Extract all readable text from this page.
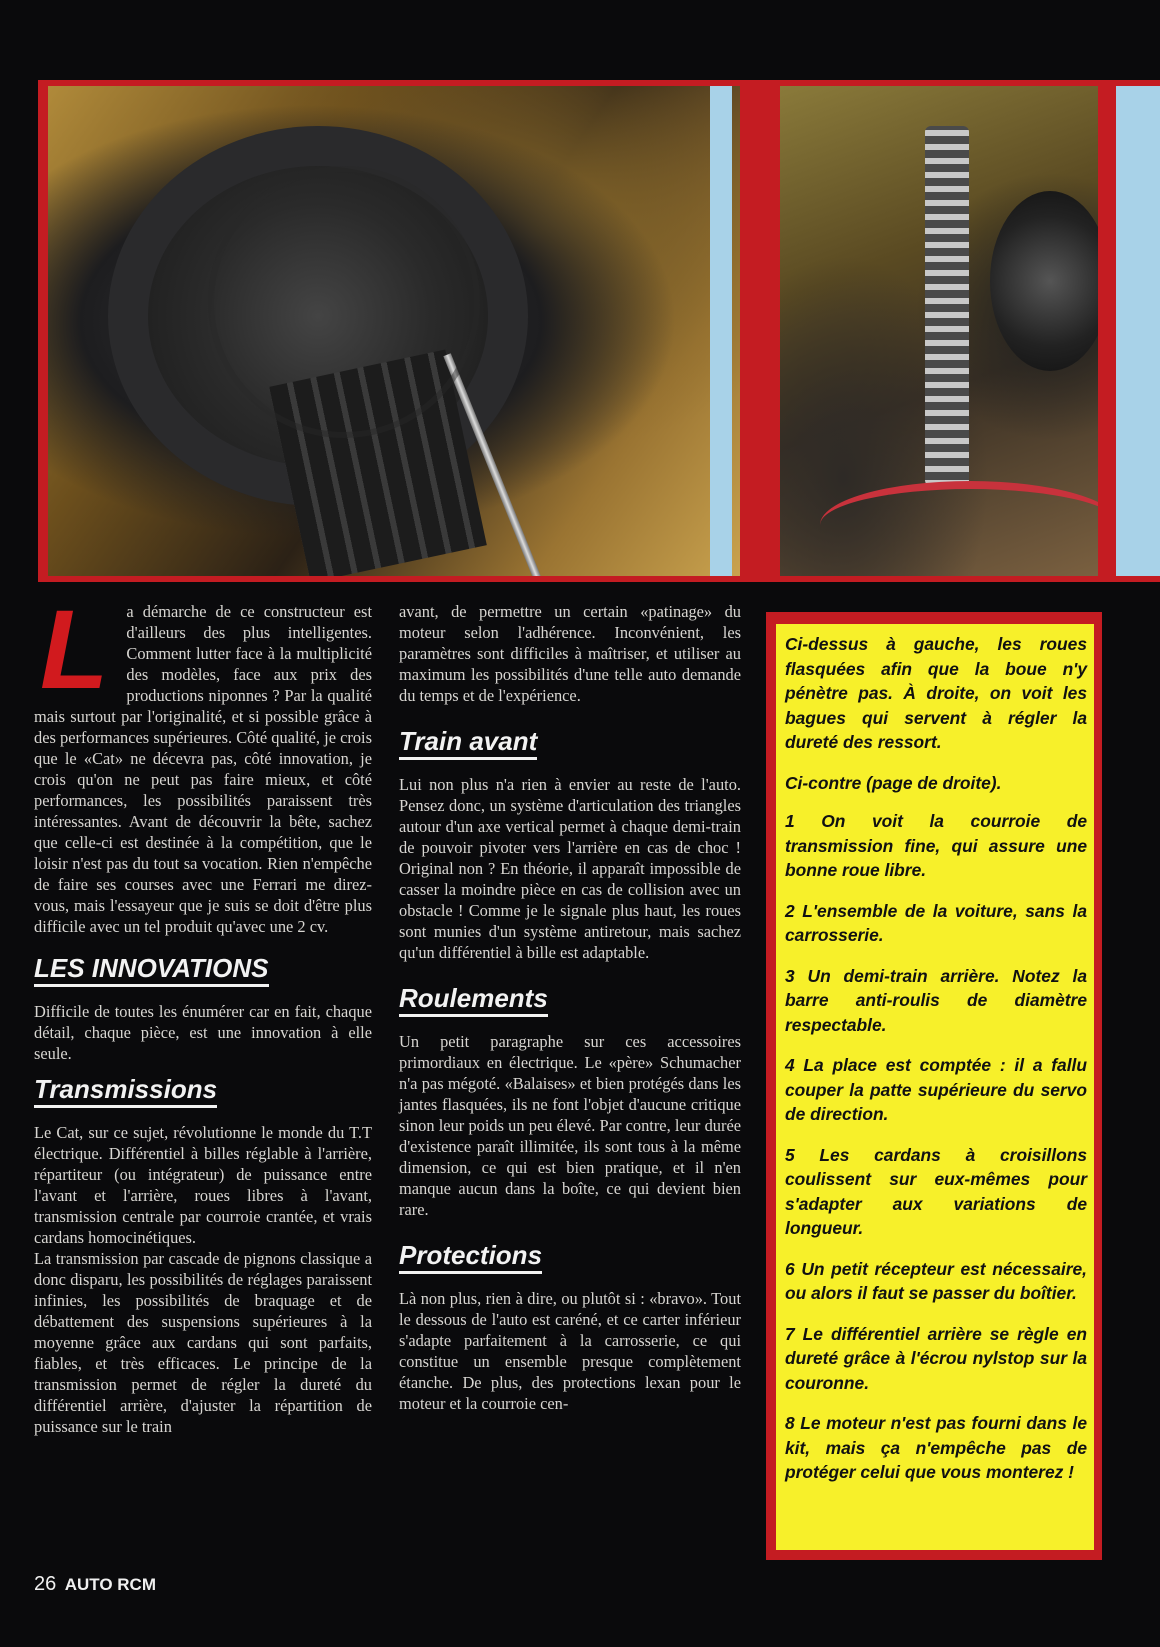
L	a démarche de ce constructeur est d'ailleurs des plus intelligentes. Comment lutter face à la multiplicité des modèles, face aux prix des productions niponnes ? Par la qualité mais surtout par l'originalité, et si possible grâce à des performances supérieures. Côté qualité, je crois que le «Cat» ne décevra pas, côté innovation, je crois qu'on ne peut pas faire mieux, et côté performances, les possibilités paraissent très intéressantes. Avant de découvrir la bête, sachez que celle-ci est destinée à la compétition, que le loisir n'est pas du tout sa vocation. Rien n'empêche de faire ses courses avec une Ferrari me direz-vous, mais l'essayeur que je suis se doit d'être plus difficile avec un tel produit qu'avec une 2 cv.

LES INNOVATIONS

Difficile de toutes les énumérer car en fait, chaque détail, chaque pièce, est une innovation à elle seule.

Transmissions

Le Cat, sur ce sujet, révolutionne le monde du T.T électrique. Différentiel à billes réglable à l'arrière, répartiteur (ou intégrateur) de puissance entre l'avant et l'arrière, roues libres à l'avant, transmission centrale par courroie crantée, et vrais cardans homocinétiques.

La transmission par cascade de pignons classique a donc disparu, les possibilités de réglages paraissent infinies, les possibilités de braquage et de débattement des suspensions supérieures à la moyenne grâce aux cardans qui sont parfaits, fiables, et très efficaces. Le principe de la transmission permet de régler la dureté du différentiel arrière, d'ajuster la répartition de puissance sur le train

avant, de permettre un certain «patinage» du moteur selon l'adhérence. Inconvénient, les paramètres sont difficiles à maîtriser, et utiliser au maximum les possibilités d'une telle auto demande du temps et de l'expérience.

Train avant

Lui non plus n'a rien à envier au reste de l'auto. Pensez donc, un système d'articulation des triangles autour d'un axe vertical permet à chaque demi-train de pouvoir pivoter vers l'arrière en cas de choc ! Original non ? En théorie, il apparaît impossible de casser la moindre pièce en cas de collision avec un obstacle ! Comme je le signale plus haut, les roues sont munies d'un système antiretour, mais sachez qu'un différentiel à bille est adaptable.

Roulements

Un petit paragraphe sur ces accessoires primordiaux en électrique. Le «père» Schumacher n'a pas mégoté. «Balaises» et bien protégés dans les jantes flasquées, ils ne font l'objet d'aucune critique sinon leur poids un peu élevé. Par contre, leur durée d'existence paraît illimitée, ils sont tous à la même dimension, ce qui est bien pratique, et il n'en manque aucun dans la boîte, ce qui devient bien rare.

Protections

Là non plus, rien à dire, ou plutôt si : «bravo». Tout le dessous de l'auto est caréné, et ce carter inférieur s'adapte parfaitement à la carrosserie, ce qui constitue un ensemble presque complètement étanche. De plus, des protections lexan pour le moteur et la courroie cen-

Ci-dessus à gauche, les roues flasquées afin que la boue n'y pénètre pas. À droite, on voit les bagues qui servent à régler la dureté des ressort.

Ci-contre (page de droite).

1 On voit la courroie de transmission fine, qui assure une bonne roue libre.

2 L'ensemble de la voiture, sans la carrosserie.

3 Un demi-train arrière. Notez la barre anti-roulis de diamètre respectable.

4 La place est comptée : il a fallu couper la patte supérieure du servo de direction.

5 Les cardans à croisillons coulissent sur eux-mêmes pour s'adapter aux variations de longueur.

6 Un petit récepteur est nécessaire, ou alors il faut se passer du boîtier.

7 Le différentiel arrière se règle en dureté grâce à l'écrou nylstop sur la couronne.

8 Le moteur n'est pas fourni dans le kit, mais ça n'empêche pas de protéger celui que vous monterez !

26 AUTO RCM
